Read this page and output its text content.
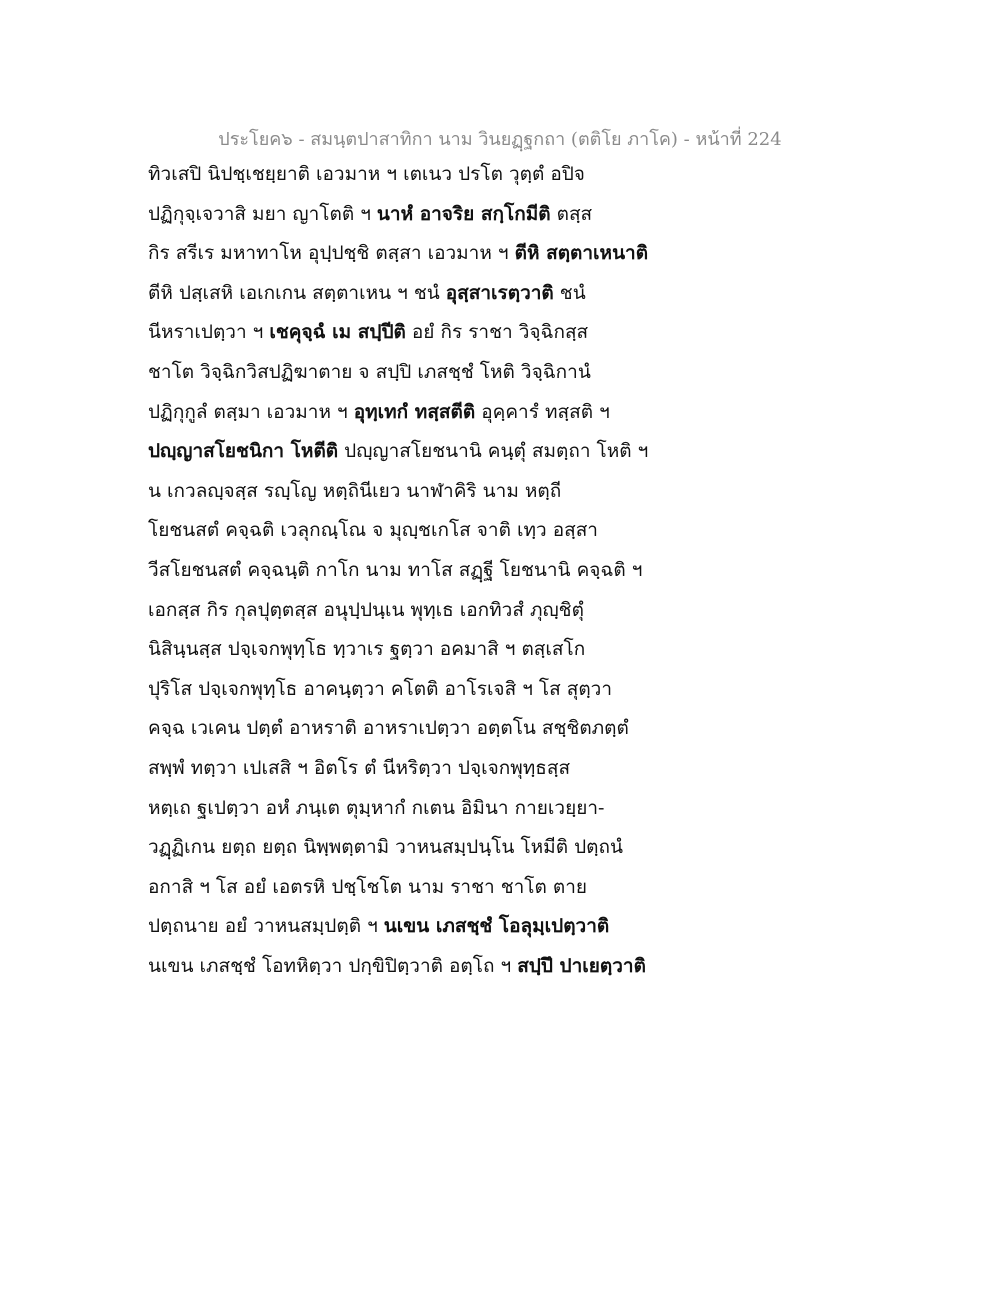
ประโยค๖ - สมนฺตปาสาทิกา นาม วินยฏฺฐกถา (ตติโย ภาโค) - หน้าที่ 224
ทิวเสปิ นิปชฺเชยฺยาติ เอวมาห ฯ เตเนว ปรโต วุตฺตํ อปิจ
ปฏิกุจฺเจวาสิ มยา ญาโตติ ฯ นาหํ อาจริย สกฺโกมีติ ตสฺส
กิร สรีเร มหาทาโห อุปฺปชฺชิ ตสฺสา เอวมาห ฯ ตีหิ สตฺตาเหนาติ
ตีหิ ปสฺเสหิ เอเกเกน สตฺตาเหน ฯ ชนํ อุสฺสาเรตฺวาติ ชนํ
นีหราเปตฺวา ฯ เชคุจฺฉํ เม สปฺปีติ อยํ กิร ราชา วิจฺฉิกสฺส
ชาโต วิจฺฉิกวิสปฏิฆาตาย จ สปฺปิ เภสชฺชํ โหติ วิจฺฉิกานํ
ปฏิกุกูลํ ตสฺมา เอวมาห ฯ อุทฺเทกํ ทสฺสตีติ อุคฺคารํ ทสฺสติ ฯ
ปญฺญาสโยชนิกา โหตีติ ปญฺญาสโยชนานิ คนฺตุํ สมตฺถา โหติ ฯ
น เกวลญฺจสฺส รญฺโญ หตฺถินีเยว นาฬาคิริ นาม หตฺถี
โยชนสตํ คจฺฉติ เวลุกณฺโณ จ มุญฺชเกโส จาติ เทฺว อสฺสา
วีสโยชนสตํ คจฺฉนฺติ กาโก นาม ทาโส สฏฺฐี โยชนานิ คจฺฉติ ฯ
เอกสฺส กิร กุลปุตฺตสฺส อนุปฺปนฺเน พุทฺเธ เอกทิวสํ ภุญฺชิตุํ
นิสินฺนสฺส ปจฺเจกพุทฺโธ ทฺวาเร ฐตฺวา อคมาสิ ฯ ตสฺเสโก
ปุริโส ปจฺเจกพุทฺโธ อาคนฺตฺวา คโตติ อาโรเจสิ ฯ โส สุตฺวา
คจฺฉ เวเคน ปตฺตํ อาหราติ อาหราเปตฺวา อตฺตโน สชฺชิตภตฺตํ
สพฺพํ ทตฺวา เปเสสิ ฯ อิตโร ตํ นีหริตฺวา ปจฺเจกพุทฺธสฺส
หตฺเถ ฐเปตฺวา อหํ ภนฺเต ตุมฺหากํ กเตน อิมินา กายเวยฺยา-
วฏฺฏิเกน ยตฺถ ยตฺถ นิพฺพตฺตามิ วาหนสมฺปนฺโน โหมีติ ปตฺถนํ
อกาสิ ฯ โส อยํ เอตรหิ ปชฺโชโต นาม ราชา ชาโต ตาย
ปตฺถนาย อยํ วาหนสมฺปตฺติ ฯ นเขน เภสชฺชํ โอลุมฺเปตฺวาติ
นเขน เภสชฺชํ โอทหิตฺวา ปกฺขิปิตฺวาติ อตฺโถ ฯ สปฺปึ ปาเยตฺวาติ
